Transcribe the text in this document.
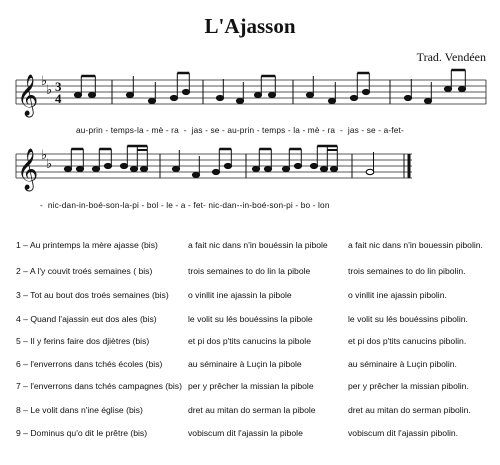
L'Ajasson
Trad. Vendéen
𝄞 ♭
♭ 3
4
au-prin - temps-la - mè - ra  -  jas - se - au-prin - temps - la - mè - ra  -  jas - se - a-fet-
𝄞 ♭
♭
-  nic-dan-in-boé-son-la-pi - bol - le - a - fet- nic-dan--in-boé-son-pi - bo - lon
1 – Au printemps la mère ajasse (bis)	a fait nic dans n'in bouéssin la pibole a fait nic dans n'in bouessin pibolin.
2 – A l'y couvit troés semaines ( bis)	trois semaines to do lin la pibole	trois semaines to do lin pibolin.
3 – Tot au bout dos troés semaines (bis) o vinllit ine ajassin la pibole	o vinllit ine ajassin pibolin.
4 – Quand l'ajassin eut dos ales (bis)	le volit su lés bouéssins la pibole	le volit su lés bouéssins pibolin.
5 – Il y ferins faire dos djiètres (bis)	et pi dos p'tits canucins la pibole	et pi dos p'tits canucins pibolin.
6 – l'enverrons dans tchés écoles (bis)	au séminaire à Luçin la pibole	au séminaire à Luçin pibolin.
7 – l'enverrons dans tchés campagnes (bis) per y prêcher la missian la pibole	per y prêcher la missian pibolin.
8 – Le volit dans n'ine église (bis)	dret au mitan do serman la pibole	dret au mitan do serman pibolin.
9 – Dominus qu'o dit le prêtre (bis)	vobiscum dit l'ajassin la pibole	vobiscum dit l'ajassin pibolin.
